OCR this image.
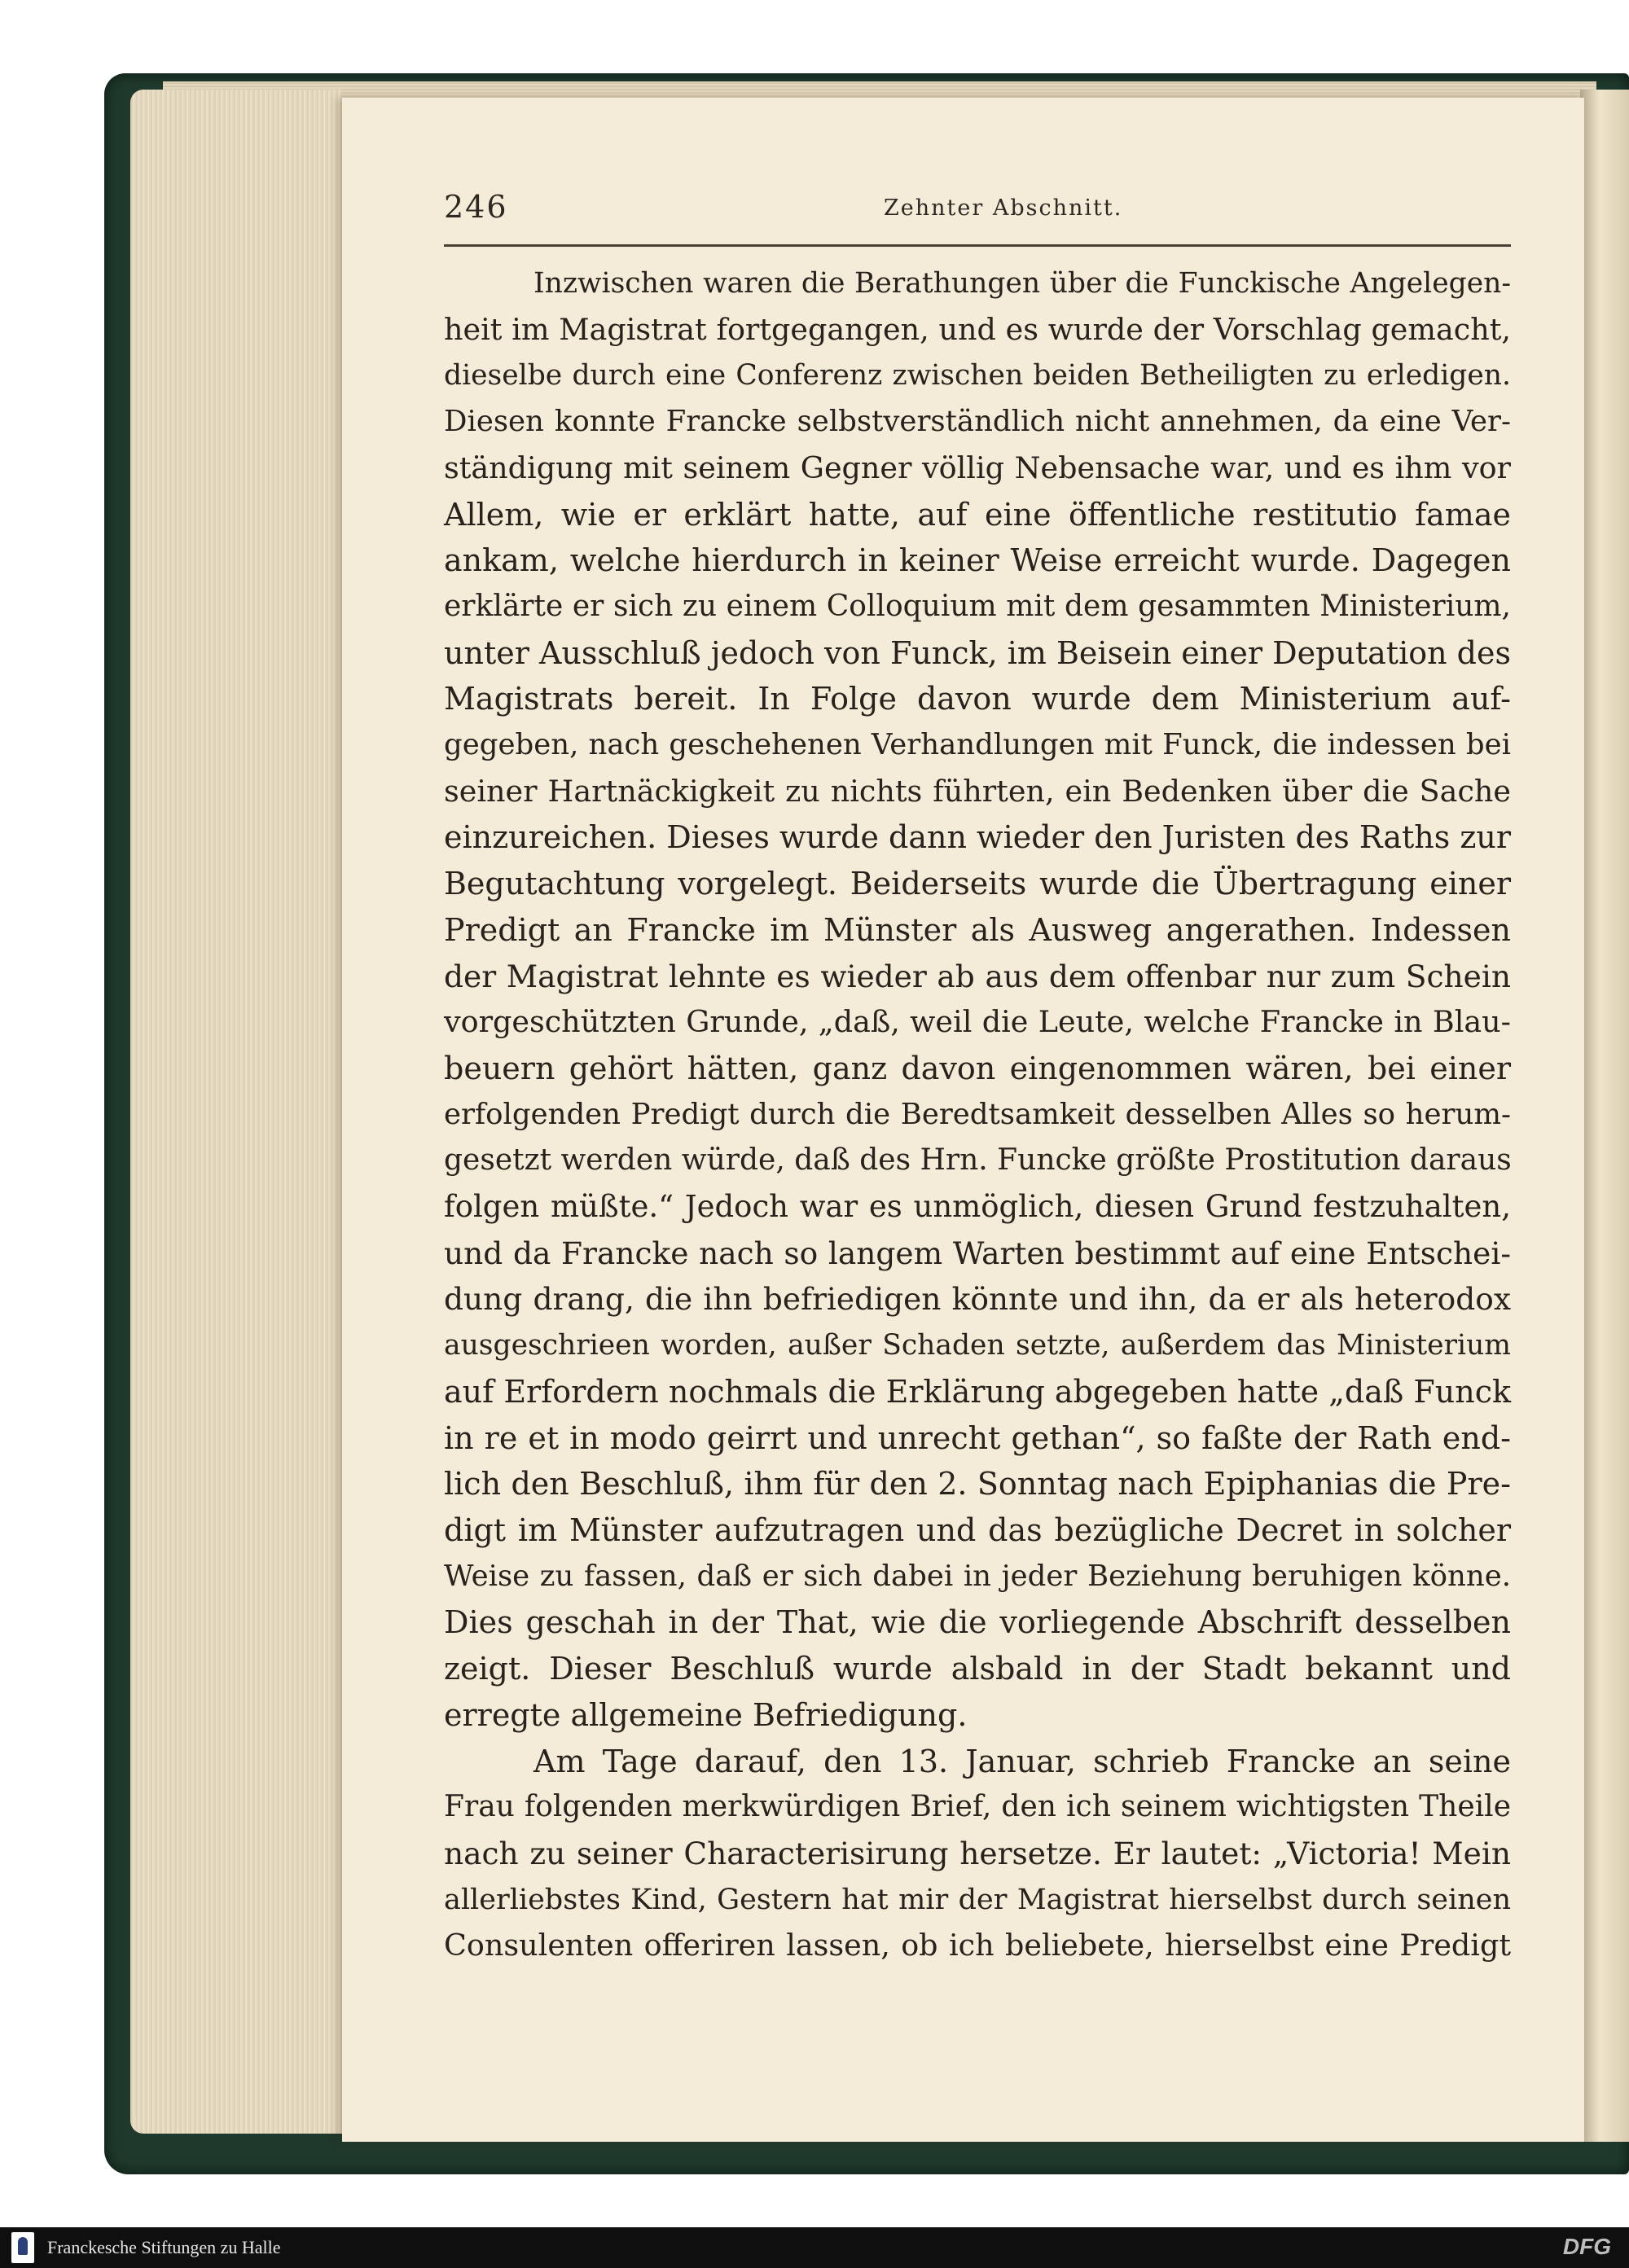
246	Zehnter Abschnitt.
Inzwischen waren die Berathungen über die Funckische Angelegen-
heit im Magistrat fortgegangen, und es wurde der Vorschlag gemacht,
dieselbe durch eine Conferenz zwischen beiden Betheiligten zu erledigen.
Diesen konnte Francke selbstverständlich nicht annehmen, da eine Ver-
ständigung mit seinem Gegner völlig Nebensache war, und es ihm vor
Allem, wie er erklärt hatte, auf eine öffentliche restitutio famae
ankam, welche hierdurch in keiner Weise erreicht wurde. Dagegen
erklärte er sich zu einem Colloquium mit dem gesammten Ministerium,
unter Ausschluß jedoch von Funck, im Beisein einer Deputation des
Magistrats bereit. In Folge davon wurde dem Ministerium auf-
gegeben, nach geschehenen Verhandlungen mit Funck, die indessen bei
seiner Hartnäckigkeit zu nichts führten, ein Bedenken über die Sache
einzureichen. Dieses wurde dann wieder den Juristen des Raths zur
Begutachtung vorgelegt. Beiderseits wurde die Übertragung einer
Predigt an Francke im Münster als Ausweg angerathen. Indessen
der Magistrat lehnte es wieder ab aus dem offenbar nur zum Schein
vorgeschützten Grunde, „daß, weil die Leute, welche Francke in Blau-
beuern gehört hätten, ganz davon eingenommen wären, bei einer
erfolgenden Predigt durch die Beredtsamkeit desselben Alles so herum-
gesetzt werden würde, daß des Hrn. Funcke größte Prostitution daraus
folgen müßte.“ Jedoch war es unmöglich, diesen Grund festzuhalten,
und da Francke nach so langem Warten bestimmt auf eine Entschei-
dung drang, die ihn befriedigen könnte und ihn, da er als heterodox
ausgeschrieen worden, außer Schaden setzte, außerdem das Ministerium
auf Erfordern nochmals die Erklärung abgegeben hatte „daß Funck
in re et in modo geirrt und unrecht gethan“, so faßte der Rath end-
lich den Beschluß, ihm für den 2. Sonntag nach Epiphanias die Pre-
digt im Münster aufzutragen und das bezügliche Decret in solcher
Weise zu fassen, daß er sich dabei in jeder Beziehung beruhigen könne.
Dies geschah in der That, wie die vorliegende Abschrift desselben
zeigt. Dieser Beschluß wurde alsbald in der Stadt bekannt und
erregte allgemeine Befriedigung.
Am Tage darauf, den 13. Januar, schrieb Francke an seine
Frau folgenden merkwürdigen Brief, den ich seinem wichtigsten Theile
nach zu seiner Characterisirung hersetze. Er lautet: „Victoria! Mein
allerliebstes Kind, Gestern hat mir der Magistrat hierselbst durch seinen
Consulenten offeriren lassen, ob ich beliebete, hierselbst eine Predigt
Franckesche Stiftungen zu Halle	DFG
